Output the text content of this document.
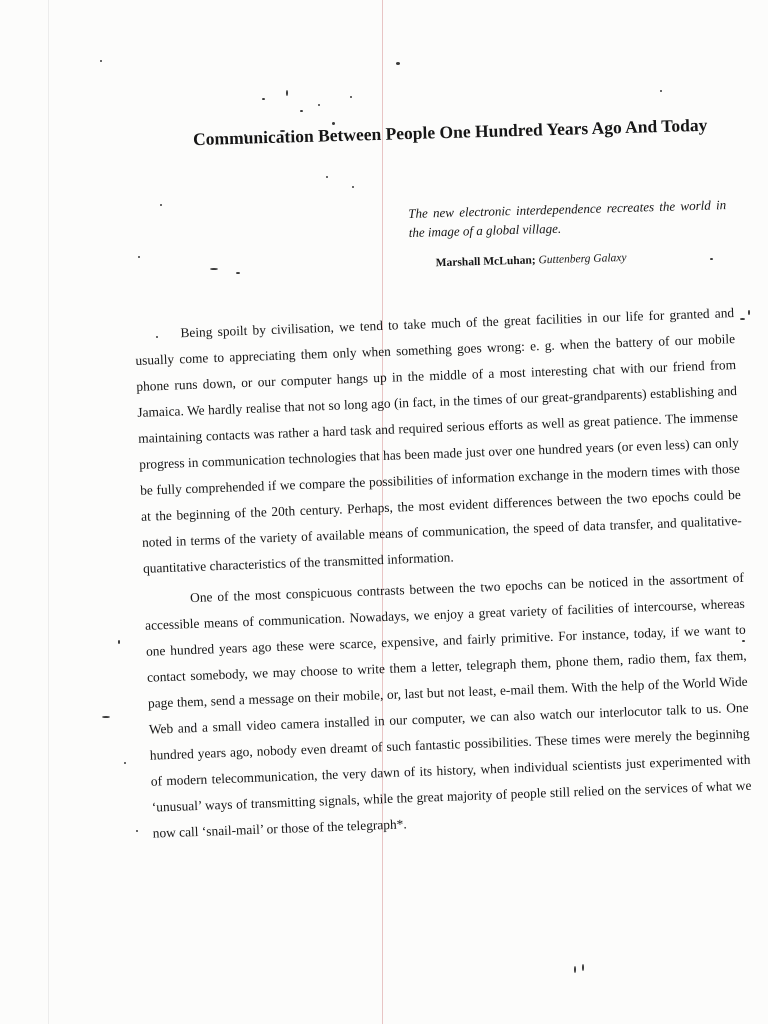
Communication Between People One Hundred Years Ago And Today

The new electronic interdependence recreates the world in the image of a global village.

Marshall McLuhan; Guttenberg Galaxy

Being spoilt by civilisation, we tend to take much of the great facilities in our life for granted and usually come to appreciating them only when something goes wrong: e. g. when the battery of our mobile phone runs down, or our computer hangs up in the middle of a most interesting chat with our friend from Jamaica. We hardly realise that not so long ago (in fact, in the times of our great-grandparents) establishing and maintaining contacts was rather a hard task and required serious efforts as well as great patience. The immense progress in communication technologies that has been made just over one hundred years (or even less) can only be fully comprehended if we compare the possibilities of information exchange in the modern times with those at the beginning of the 20th century. Perhaps, the most evident differences between the two epochs could be noted in terms of the variety of available means of communication, the speed of data transfer, and qualitative-quantitative characteristics of the transmitted information.

One of the most conspicuous contrasts between the two epochs can be noticed in the assortment of accessible means of communication. Nowadays, we enjoy a great variety of facilities of intercourse, whereas one hundred years ago these were scarce, expensive, and fairly primitive. For instance, today, if we want to contact somebody, we may choose to write them a letter, telegraph them, phone them, radio them, fax them, page them, send a message on their mobile, or, last but not least, e-mail them. With the help of the World Wide Web and a small video camera installed in our computer, we can also watch our interlocutor talk to us. One hundred years ago, nobody even dreamt of such fantastic possibilities. These times were merely the beginning of modern telecommunication, the very dawn of its history, when individual scientists just experimented with ‘unusual’ ways of transmitting signals, while the great majority of people still relied on the services of what we now call ‘snail-mail’ or those of the telegraph*.
